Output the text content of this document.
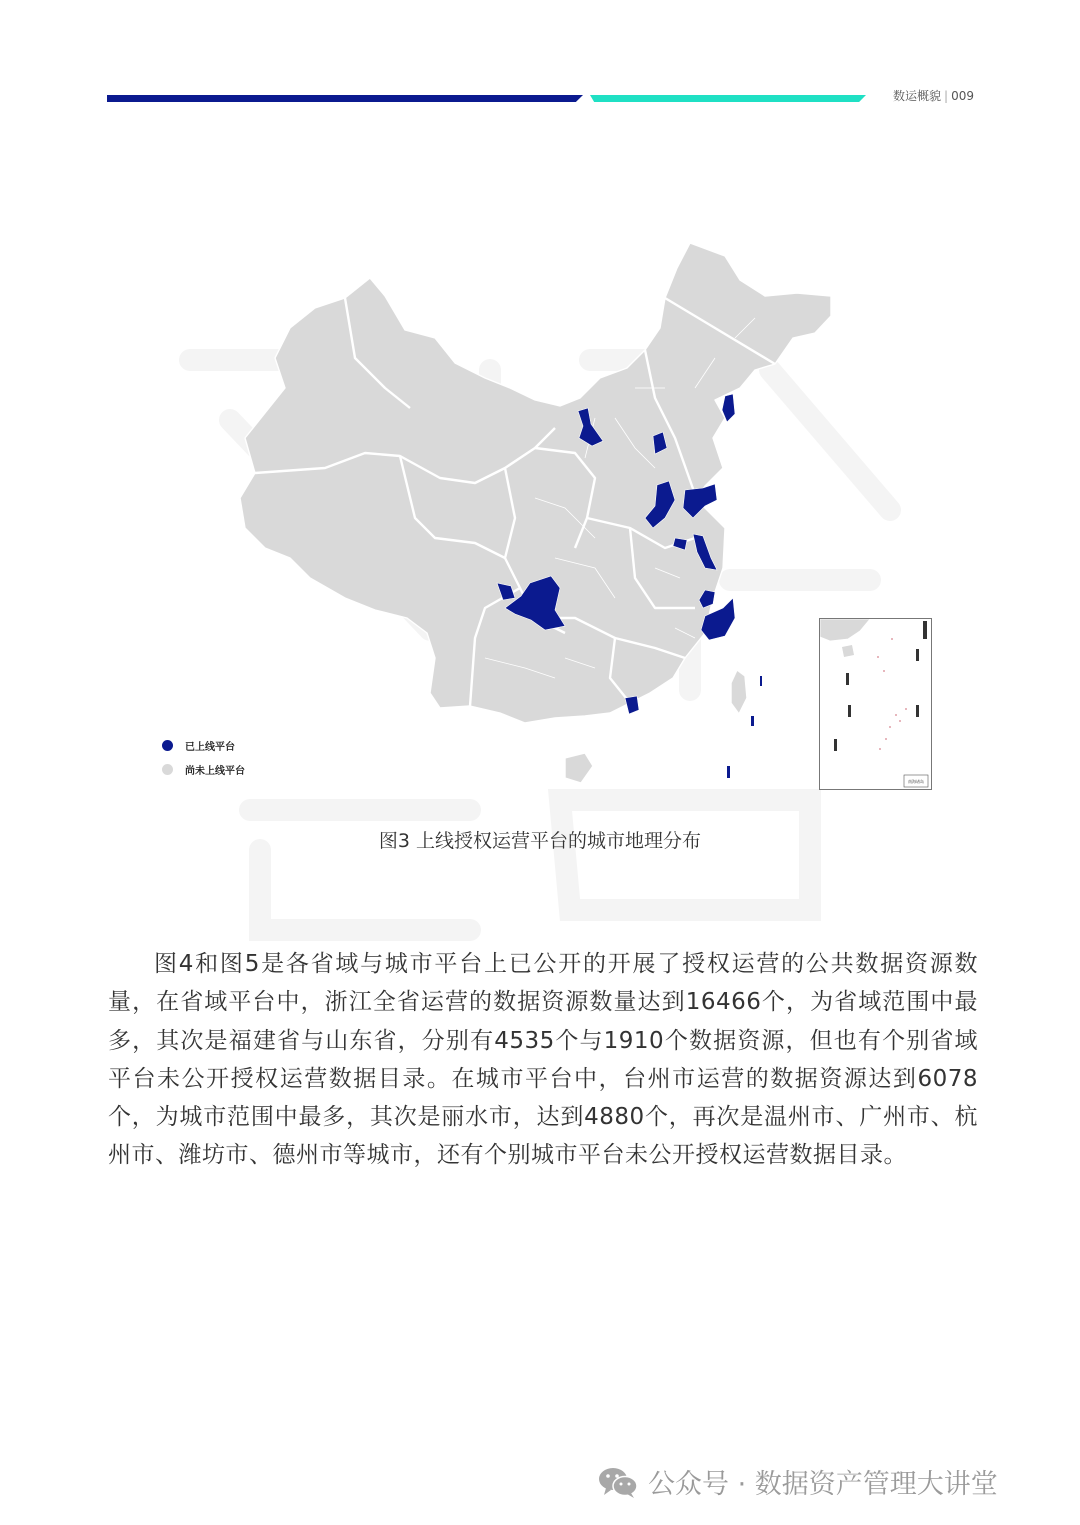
数运概貌 | 009
南海诸岛
已上线平台
尚未上线平台
图3 上线授权运营平台的城市地理分布

图4和图5是各省域与城市平台上已公开的开展了授权运营的公共数据资源数量，在省域平台中，浙江全省运营的数据资源数量达到16466个，为省域范围中最多，其次是福建省与山东省，分别有4535个与1910个数据资源，但也有个别省域平台未公开授权运营数据目录。在城市平台中，台州市运营的数据资源达到6078个，为城市范围中最多，其次是丽水市，达到4880个，再次是温州市、广州市、杭州市、潍坊市、德州市等城市，还有个别城市平台未公开授权运营数据目录。

公众号 · 数据资产管理大讲堂
